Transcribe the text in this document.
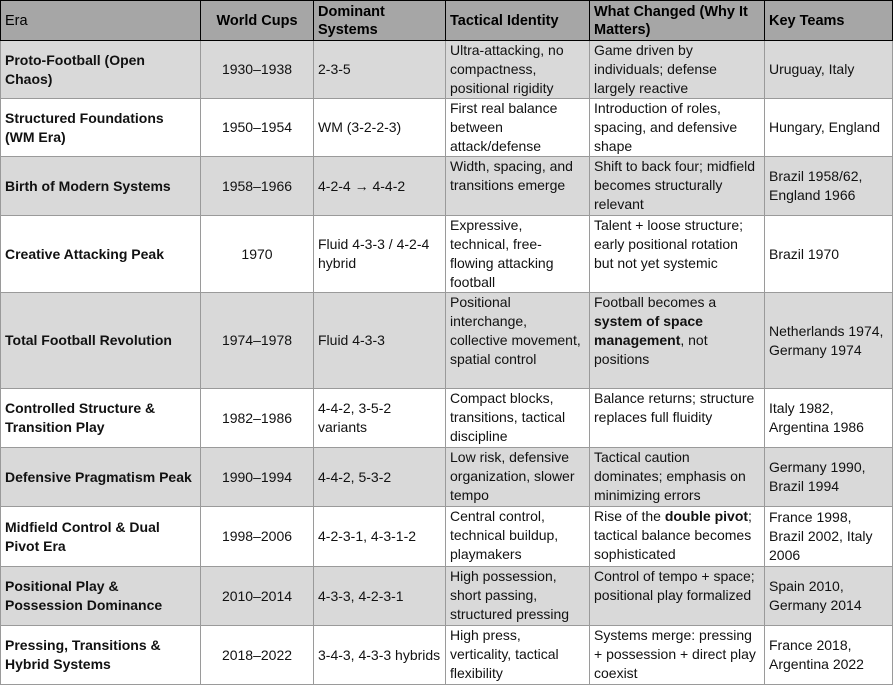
Era	World Cups	Dominant Systems	Tactical Identity	What Changed (Why It Matters)	Key Teams
Proto-Football (Open Chaos)	1930–1938	2-3-5	Ultra-attacking, no compactness, positional rigidity	Game driven by individuals; defense largely reactive	Uruguay, Italy
Structured Foundations (WM Era)	1950–1954	WM (3-2-2-3)	First real balance between attack/defense	Introduction of roles, spacing, and defensive shape	Hungary, England
Birth of Modern Systems	1958–1966	4-2-4 → 4-4-2	Width, spacing, and transitions emerge	Shift to back four; midfield becomes structurally relevant	Brazil 1958/62, England 1966
Creative Attacking Peak	1970	Fluid 4-3-3 / 4-2-4 hybrid	Expressive, technical, free-flowing attacking football	Talent + loose structure; early positional rotation but not yet systemic	Brazil 1970
Total Football Revolution	1974–1978	Fluid 4-3-3	Positional interchange, collective movement, spatial control	Football becomes a system of space management, not positions	Netherlands 1974, Germany 1974
Controlled Structure & Transition Play	1982–1986	4-4-2, 3-5-2 variants	Compact blocks, transitions, tactical discipline	Balance returns; structure replaces full fluidity	Italy 1982, Argentina 1986
Defensive Pragmatism Peak	1990–1994	4-4-2, 5-3-2	Low risk, defensive organization, slower tempo	Tactical caution dominates; emphasis on minimizing errors	Germany 1990, Brazil 1994
Midfield Control & Dual Pivot Era	1998–2006	4-2-3-1, 4-3-1-2	Central control, technical buildup, playmakers	Rise of the double pivot; tactical balance becomes sophisticated	France 1998, Brazil 2002, Italy 2006
Positional Play & Possession Dominance	2010–2014	4-3-3, 4-2-3-1	High possession, short passing, structured pressing	Control of tempo + space; positional play formalized	Spain 2010, Germany 2014
Pressing, Transitions & Hybrid Systems	2018–2022	3-4-3, 4-3-3 hybrids	High press, verticality, tactical flexibility	Systems merge: pressing + possession + direct play coexist	France 2018, Argentina 2022
